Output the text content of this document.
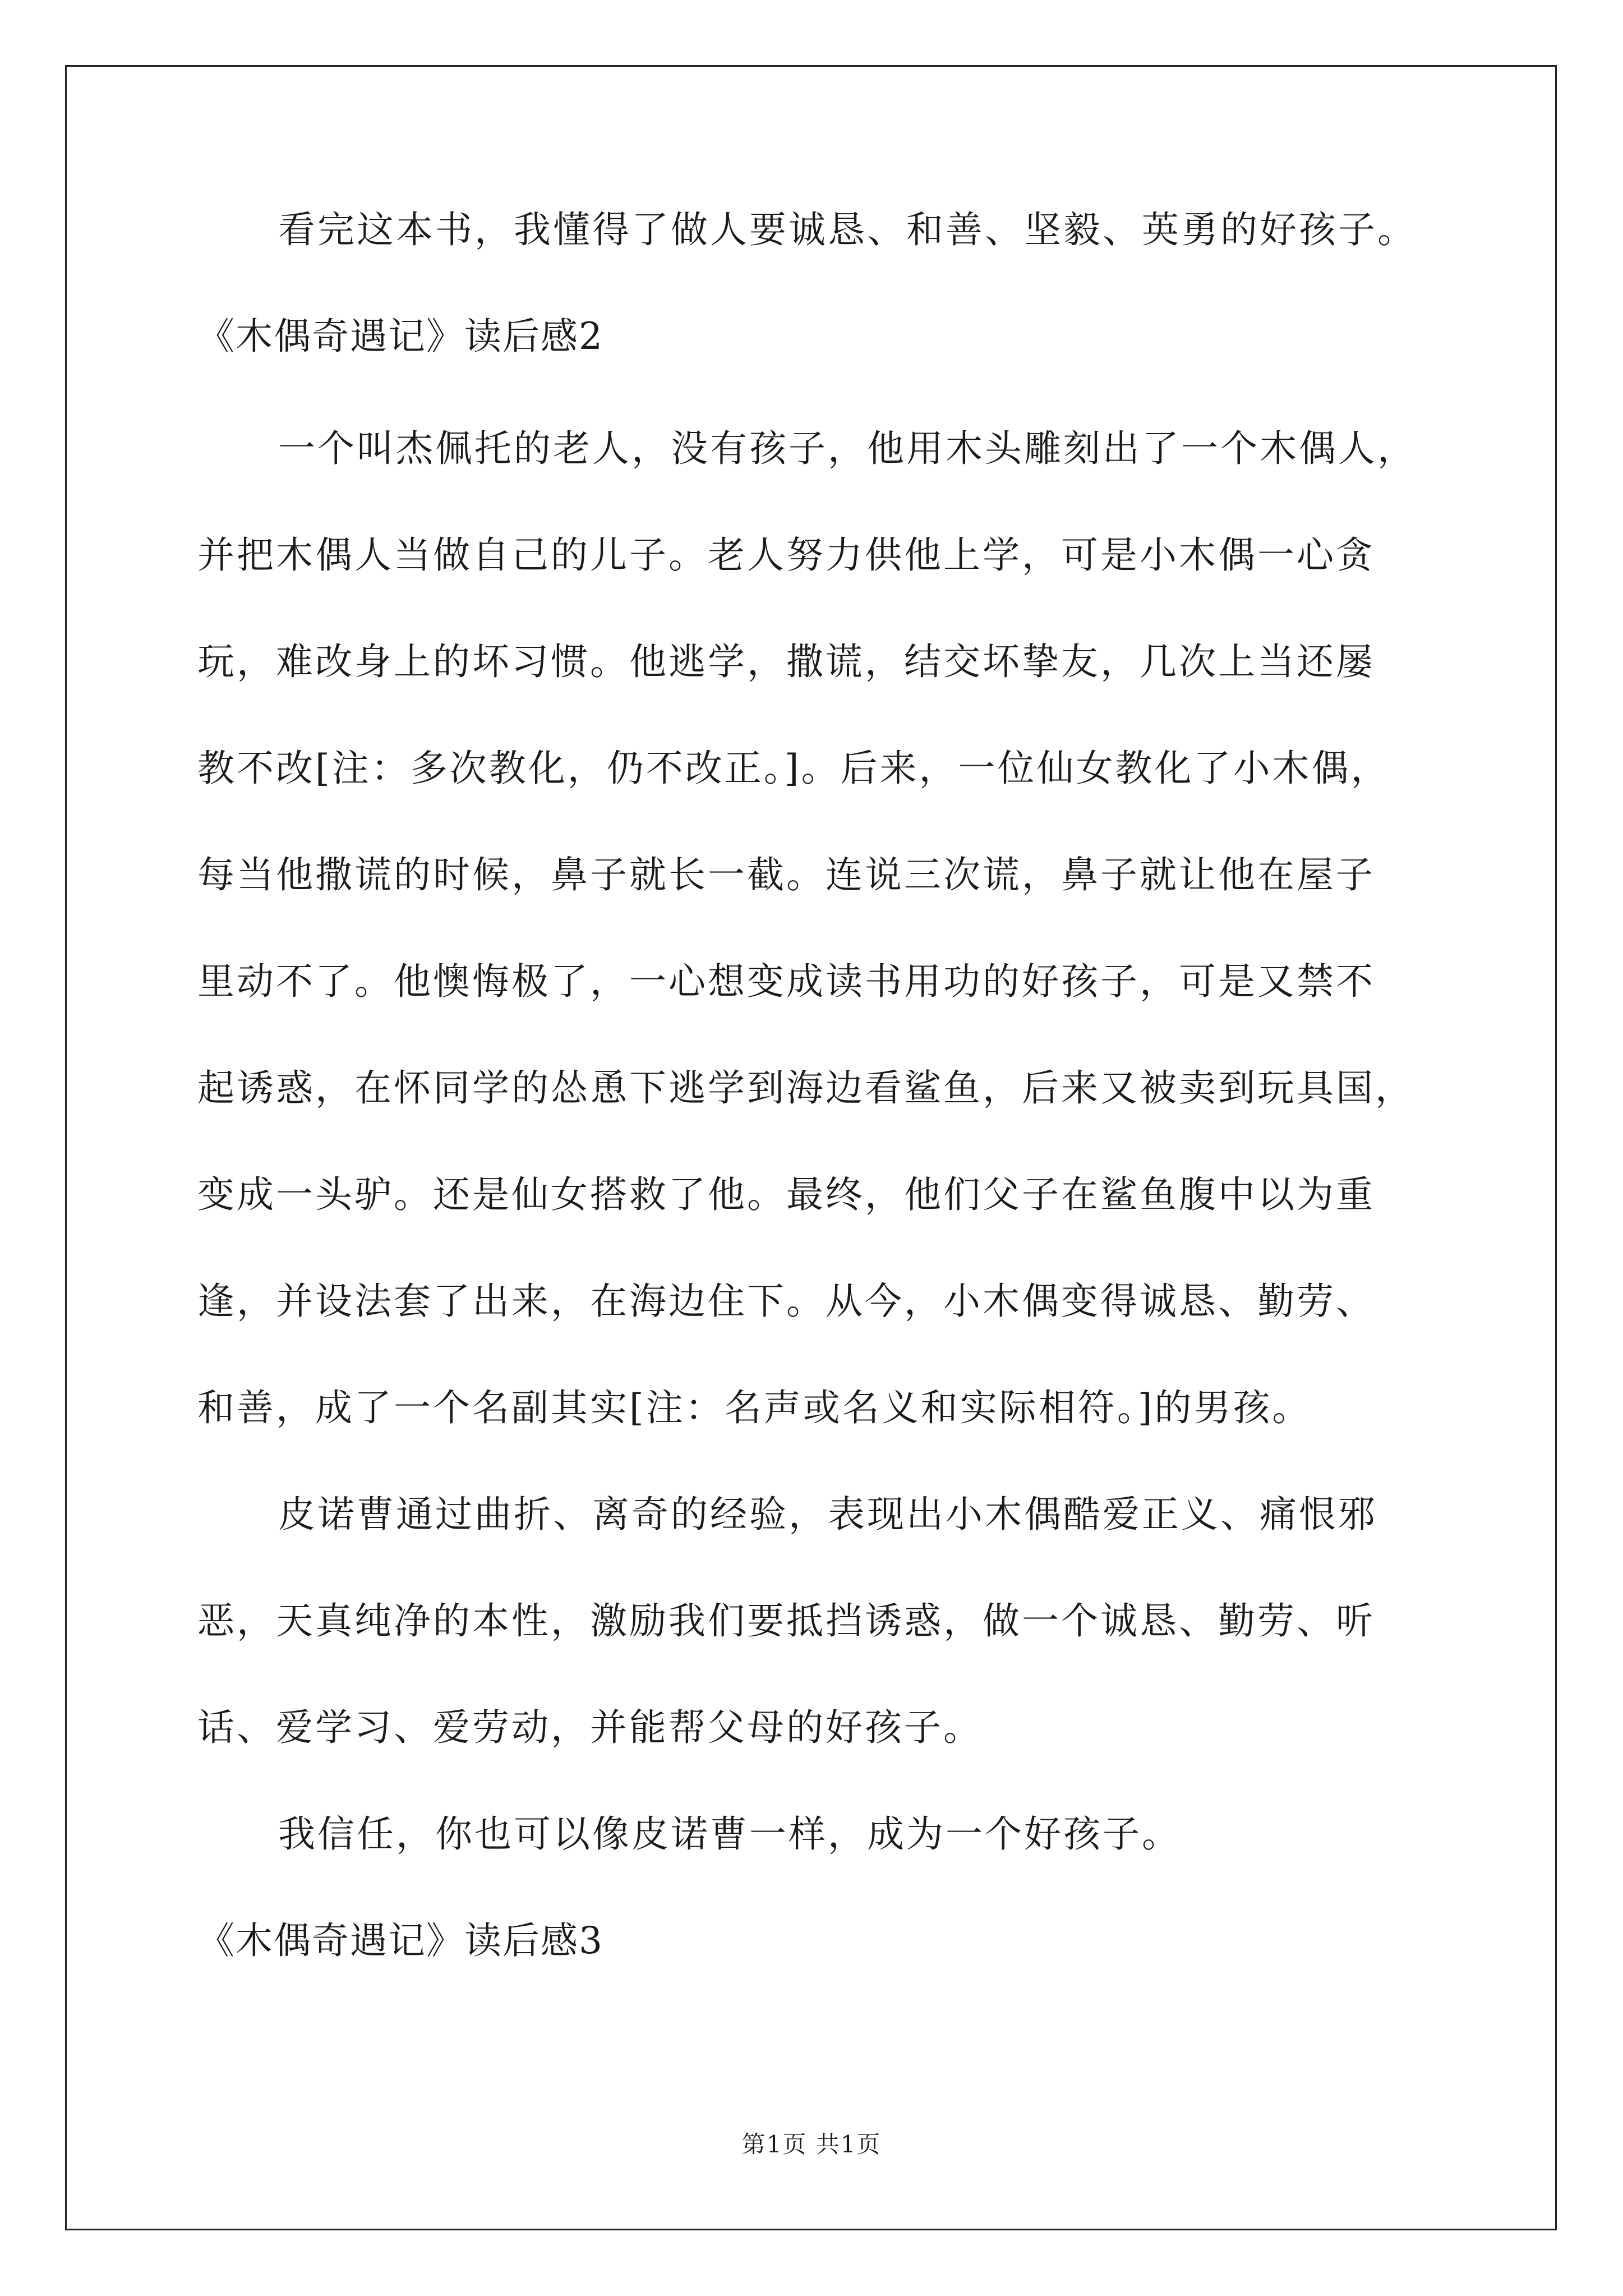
看完这本书，我懂得了做人要诚恳、和善、坚毅、英勇的好孩子。
《木偶奇遇记》读后感2
一个叫杰佩托的老人，没有孩子，他用木头雕刻出了一个木偶人，
并把木偶人当做自己的儿子。老人努力供他上学，可是小木偶一心贪
玩，难改身上的坏习惯。他逃学，撒谎，结交坏挚友，几次上当还屡
教不改[注：多次教化，仍不改正。]。后来，一位仙女教化了小木偶，
每当他撒谎的时候，鼻子就长一截。连说三次谎，鼻子就让他在屋子
里动不了。他懊悔极了，一心想变成读书用功的好孩子，可是又禁不
起诱惑，在怀同学的怂恿下逃学到海边看鲨鱼，后来又被卖到玩具国，
变成一头驴。还是仙女搭救了他。最终，他们父子在鲨鱼腹中以为重
逢，并设法套了出来，在海边住下。从今，小木偶变得诚恳、勤劳、
和善，成了一个名副其实[注：名声或名义和实际相符。]的男孩。
皮诺曹通过曲折、离奇的经验，表现出小木偶酷爱正义、痛恨邪
恶，天真纯净的本性，激励我们要抵挡诱惑，做一个诚恳、勤劳、听
话、爱学习、爱劳动，并能帮父母的好孩子。
我信任，你也可以像皮诺曹一样，成为一个好孩子。
《木偶奇遇记》读后感3
第1页 共1页
